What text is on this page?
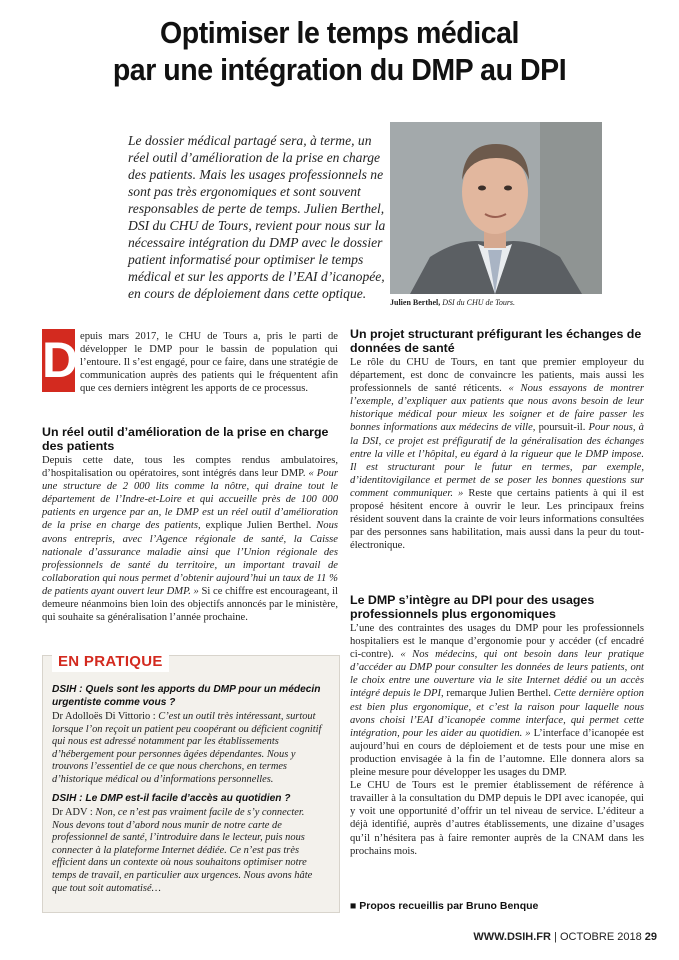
Optimiser le temps médical
par une intégration du DMP au DPI

Le dossier médical partagé sera, à terme, un réel outil d’amélioration de la prise en charge des patients. Mais les usages professionnels ne sont pas très ergonomiques et sont souvent responsables de perte de temps. Julien Berthel, DSI du CHU de Tours, revient pour nous sur la nécessaire intégration du DMP avec le dossier patient informatisé pour optimiser le temps médical et sur les apports de l’EAI d’icanopée, en cours de déploiement dans cette optique.

Julien Berthel, DSI du CHU de Tours.
D epuis mars 2017, le CHU de Tours a, pris le parti de développer le DMP pour le bassin de population qui l’entoure. Il s’est engagé, pour ce faire, dans une stratégie de communication auprès des patients qui le fréquentent afin que ces derniers intègrent les apports de ce processus.

Un réel outil d’amélioration de la prise en charge des patients

Depuis cette date, tous les comptes rendus ambulatoires, d’hospitalisation ou opératoires, sont intégrés dans leur DMP. « Pour une structure de 2 000 lits comme la nôtre, qui draine tout le département de l’Indre-et-Loire et qui accueille près de 100 000 patients en urgence par an, le DMP est un réel outil d’amélioration de la prise en charge des patients, explique Julien Berthel. Nous avons entrepris, avec l’Agence régionale de santé, la Caisse nationale d’assurance maladie ainsi que l’Union régionale des professionnels de santé du territoire, un important travail de collaboration qui nous permet d’obtenir aujourd’hui un taux de 11 % de patients ayant ouvert leur DMP. » Si ce chiffre est encourageant, il demeure néanmoins bien loin des objectifs annoncés par le ministère, qui souhaite sa généralisation l’année prochaine.

EN PRATIQUE

DSIH : Quels sont les apports du DMP pour un médecin urgentiste comme vous ?

Dr Adolloës Di Vittorio : C’est un outil très intéressant, surtout lorsque l’on reçoit un patient peu coopérant ou déficient cognitif qui nous est adressé notamment par les établissements d’hébergement pour personnes âgées dépendantes. Nous y trouvons l’essentiel de ce que nous cherchons, en termes d’historique médical ou d’informations personnelles.

DSIH : Le DMP est-il facile d’accès au quotidien ?

Dr ADV : Non, ce n’est pas vraiment facile de s’y connecter. Nous devons tout d’abord nous munir de notre carte de professionnel de santé, l’introduire dans le lecteur, puis nous connecter à la plateforme Internet dédiée. Ce n’est pas très efficient dans un contexte où nous souhaitons optimiser notre temps de travail, en particulier aux urgences. Nous avons hâte que tout soit automatisé…

Un projet structurant préfigurant les échanges de données de santé

Le rôle du CHU de Tours, en tant que premier employeur du département, est donc de convaincre les patients, mais aussi les professionnels de santé réticents. « Nous essayons de montrer l’exemple, d’expliquer aux patients que nous avons besoin de leur historique médical pour mieux les soigner et de faire passer les bonnes informations aux médecins de ville, poursuit-il. Pour nous, à la DSI, ce projet est préfiguratif de la généralisation des échanges entre la ville et l’hôpital, eu égard à la rigueur que le DMP impose. Il est structurant pour le futur en termes, par exemple, d’identitovigilance et permet de se poser les bonnes questions sur comment communiquer. » Reste que certains patients à qui il est proposé hésitent encore à ouvrir le leur. Les principaux freins résident souvent dans la crainte de voir leurs informations consultées par des personnes sans habilitation, mais aussi dans la peur du tout-électronique.

Le DMP s’intègre au DPI pour des usages professionnels plus ergonomiques

L’une des contraintes des usages du DMP pour les professionnels hospitaliers est le manque d’ergonomie pour y accéder (cf encadré ci-contre). « Nos médecins, qui ont besoin dans leur pratique d’accéder au DMP pour consulter les données de leurs patients, ont le choix entre une ouverture via le site Internet dédié ou un accès intégré depuis le DPI, remarque Julien Berthel. Cette dernière option est bien plus ergonomique, et c’est la raison pour laquelle nous avons choisi l’EAI d’icanopée comme interface, qui permet cette intégration, pour les aider au quotidien. » L’interface d’icanopée est aujourd’hui en cours de déploiement et de tests pour une mise en production envisagée à la fin de l’automne. Elle donnera alors sa pleine mesure pour développer les usages du DMP.

Le CHU de Tours est le premier établissement de référence à travailler à la consultation du DMP depuis le DPI avec icanopée, qui y voit une opportunité d’offrir un tel niveau de service. L’éditeur a déjà identifié, auprès d’autres établissements, une dizaine d’usages qu’il n’hésitera pas à faire remonter auprès de la CNAM dans les prochains mois.

■ Propos recueillis par Bruno Benque
WWW.DSIH.FR | OCTOBRE 2018 29
